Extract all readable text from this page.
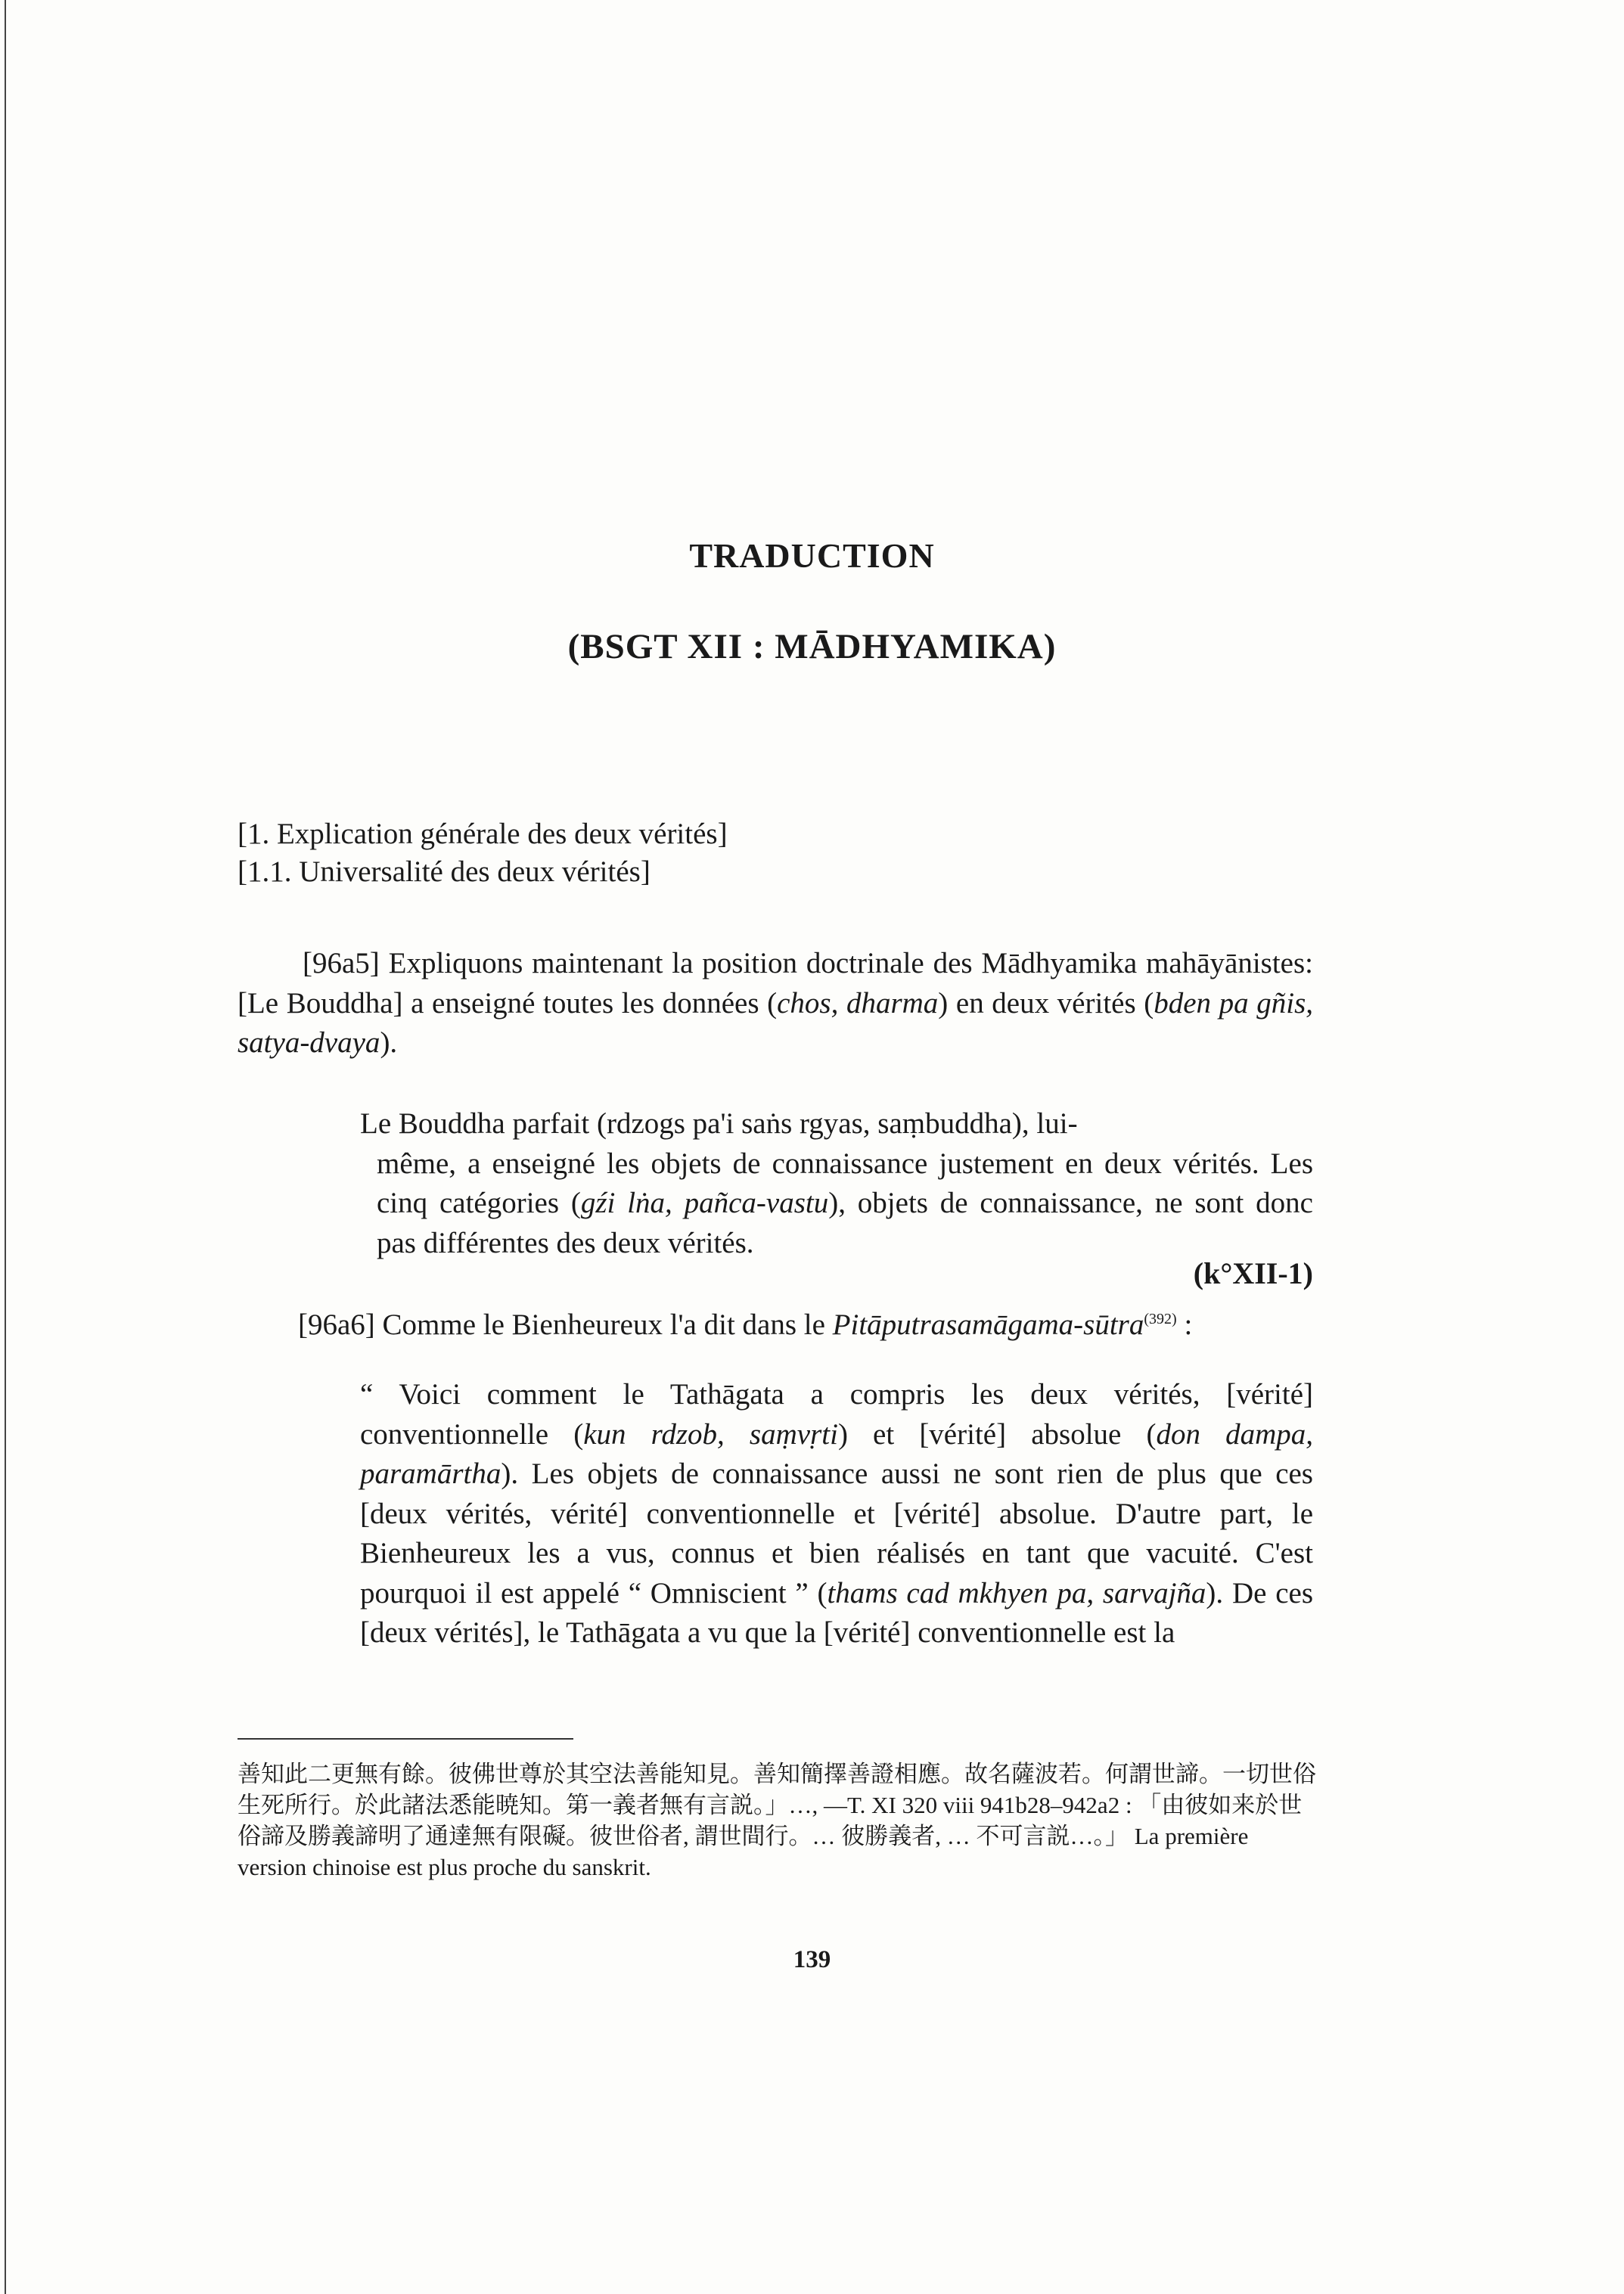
TRADUCTION
(BSGT XII : MĀDHYAMIKA)
[1. Explication générale des deux vérités]
[1.1. Universalité des deux vérités]
[96a5] Expliquons maintenant la position doctrinale des Mādhyamika mahāyānistes: [Le Bouddha] a enseigné toutes les données (chos, dharma) en deux vérités (bden pa gñis, satya-dvaya).
Le Bouddha parfait (rdzogs pa'i saṅs rgyas, saṃbuddha), lui-
même, a enseigné les objets de connaissance justement en deux vérités. Les cinq catégories (gźi lṅa, pañca-vastu), objets de connaissance, ne sont donc pas différentes des deux vérités.
(k°XII-1)
[96a6] Comme le Bienheureux l'a dit dans le Pitāputrasamāgama-sūtra$^{(392)}$ :
“ Voici comment le Tathāgata a compris les deux vérités, [vérité] conventionnelle (kun rdzob, saṃvṛti) et [vérité] absolue (don dampa, paramārtha). Les objets de connaissance aussi ne sont rien de plus que ces [deux vérités, vérité] conventionnelle et [vérité] absolue. D'autre part, le Bienheureux les a vus, connus et bien réalisés en tant que vacuité. C'est pourquoi il est appelé “ Omniscient ” (thams cad mkhyen pa, sarvajña). De ces [deux vérités], le Tathāgata a vu que la [vérité] conventionnelle est la
善知此二更無有餘。彼佛世尊於其空法善能知見。善知簡擇善證相應。故名薩波若。何謂世諦。一切世俗生死所行。於此諸法悉能暁知。第一義者無有言説。」…, —T. XI 320 viii 941b28–942a2 : 「由彼如来於世俗諦及勝義諦明了通達無有限礙。彼世俗者, 謂世間行。… 彼勝義者, … 不可言説…。」 La première version chinoise est plus proche du sanskrit.
139
